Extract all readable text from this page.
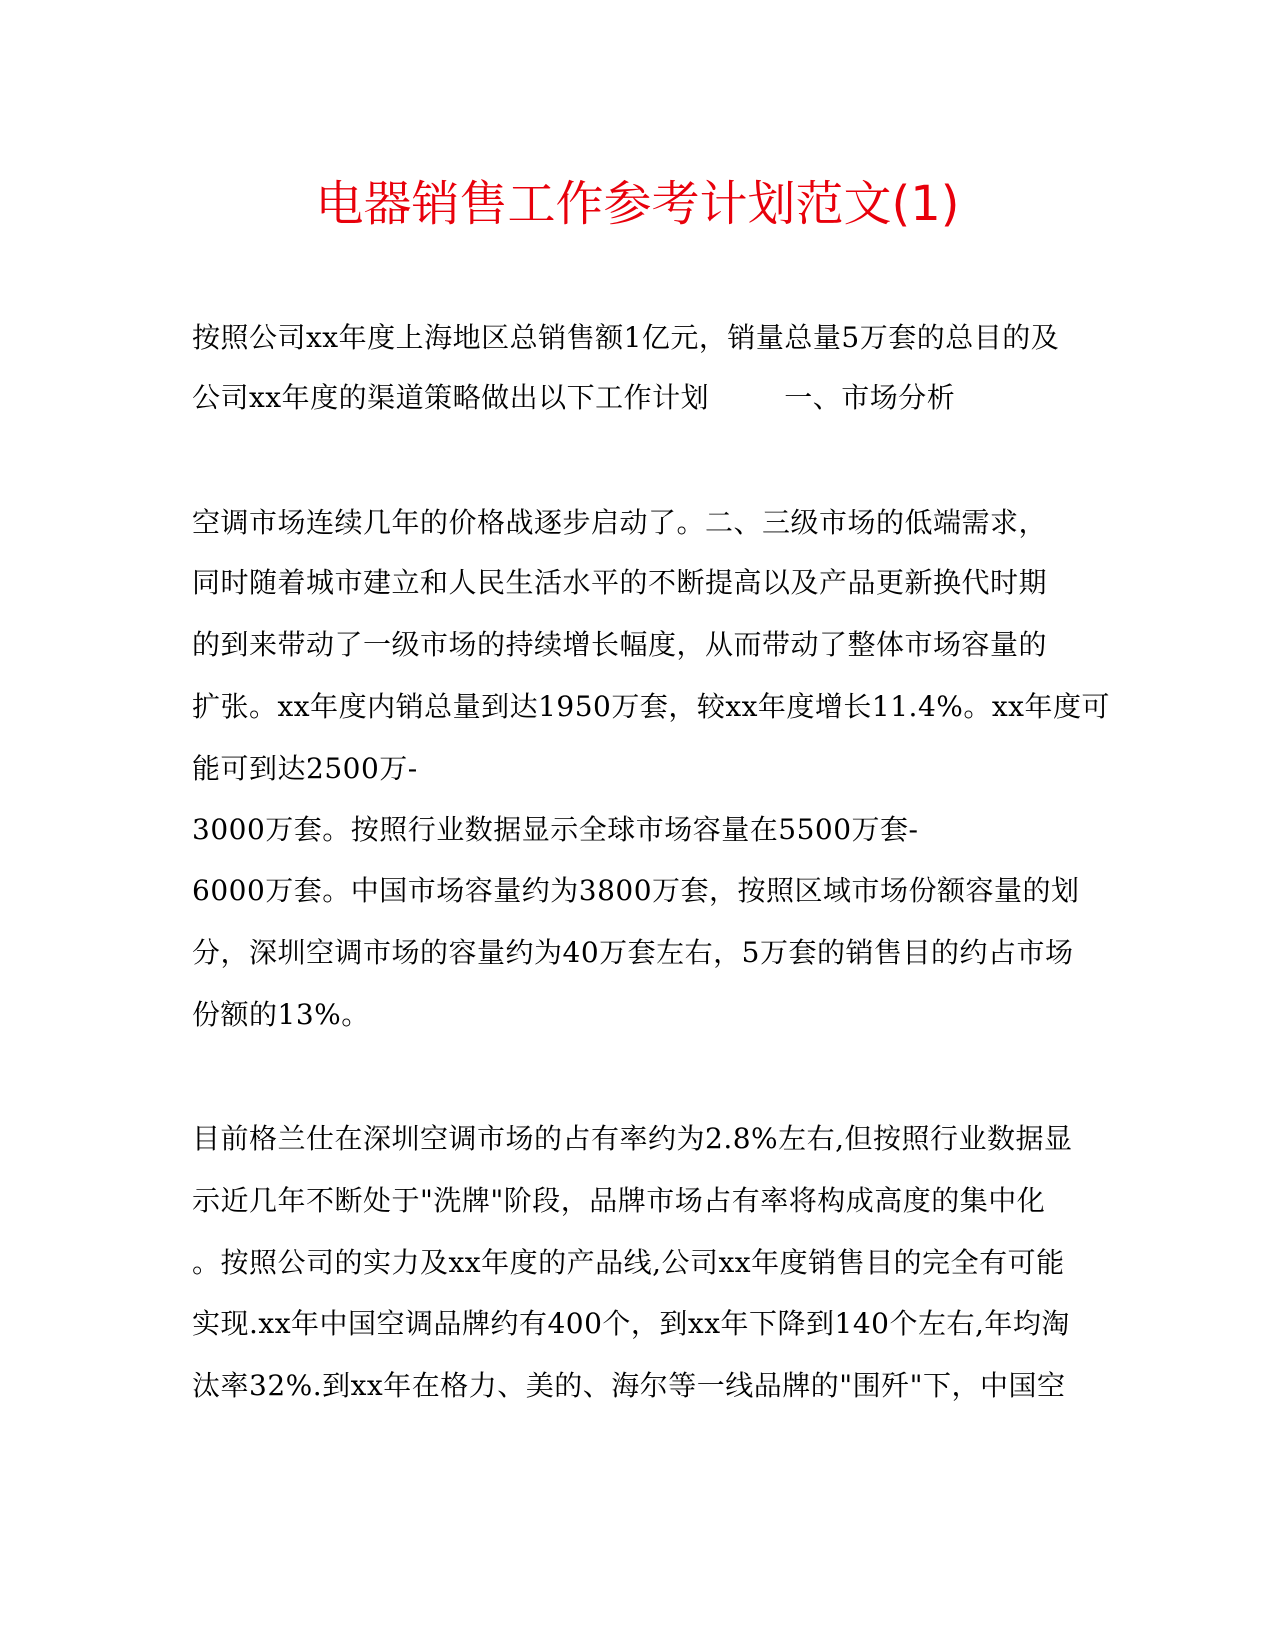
电器销售工作参考计划范文(1)
按照公司xx年度上海地区总销售额1亿元，销量总量5万套的总目的及
公司xx年度的渠道策略做出以下工作计划        一、市场分析
空调市场连续几年的价格战逐步启动了。二、三级市场的低端需求，
同时随着城市建立和人民生活水平的不断提高以及产品更新换代时期
的到来带动了一级市场的持续增长幅度，从而带动了整体市场容量的
扩张。xx年度内销总量到达1950万套，较xx年度增长11.4%。xx年度可
能可到达2500万-
3000万套。按照行业数据显示全球市场容量在5500万套-
6000万套。中国市场容量约为3800万套，按照区域市场份额容量的划
分，深圳空调市场的容量约为40万套左右，5万套的销售目的约占市场
份额的13%。
目前格兰仕在深圳空调市场的占有率约为2.8%左右,但按照行业数据显
示近几年不断处于"洗牌"阶段，品牌市场占有率将构成高度的集中化
。按照公司的实力及xx年度的产品线,公司xx年度销售目的完全有可能
实现.xx年中国空调品牌约有400个，到xx年下降到140个左右,年均淘
汰率32%.到xx年在格力、美的、海尔等一线品牌的"围歼"下，中国空
